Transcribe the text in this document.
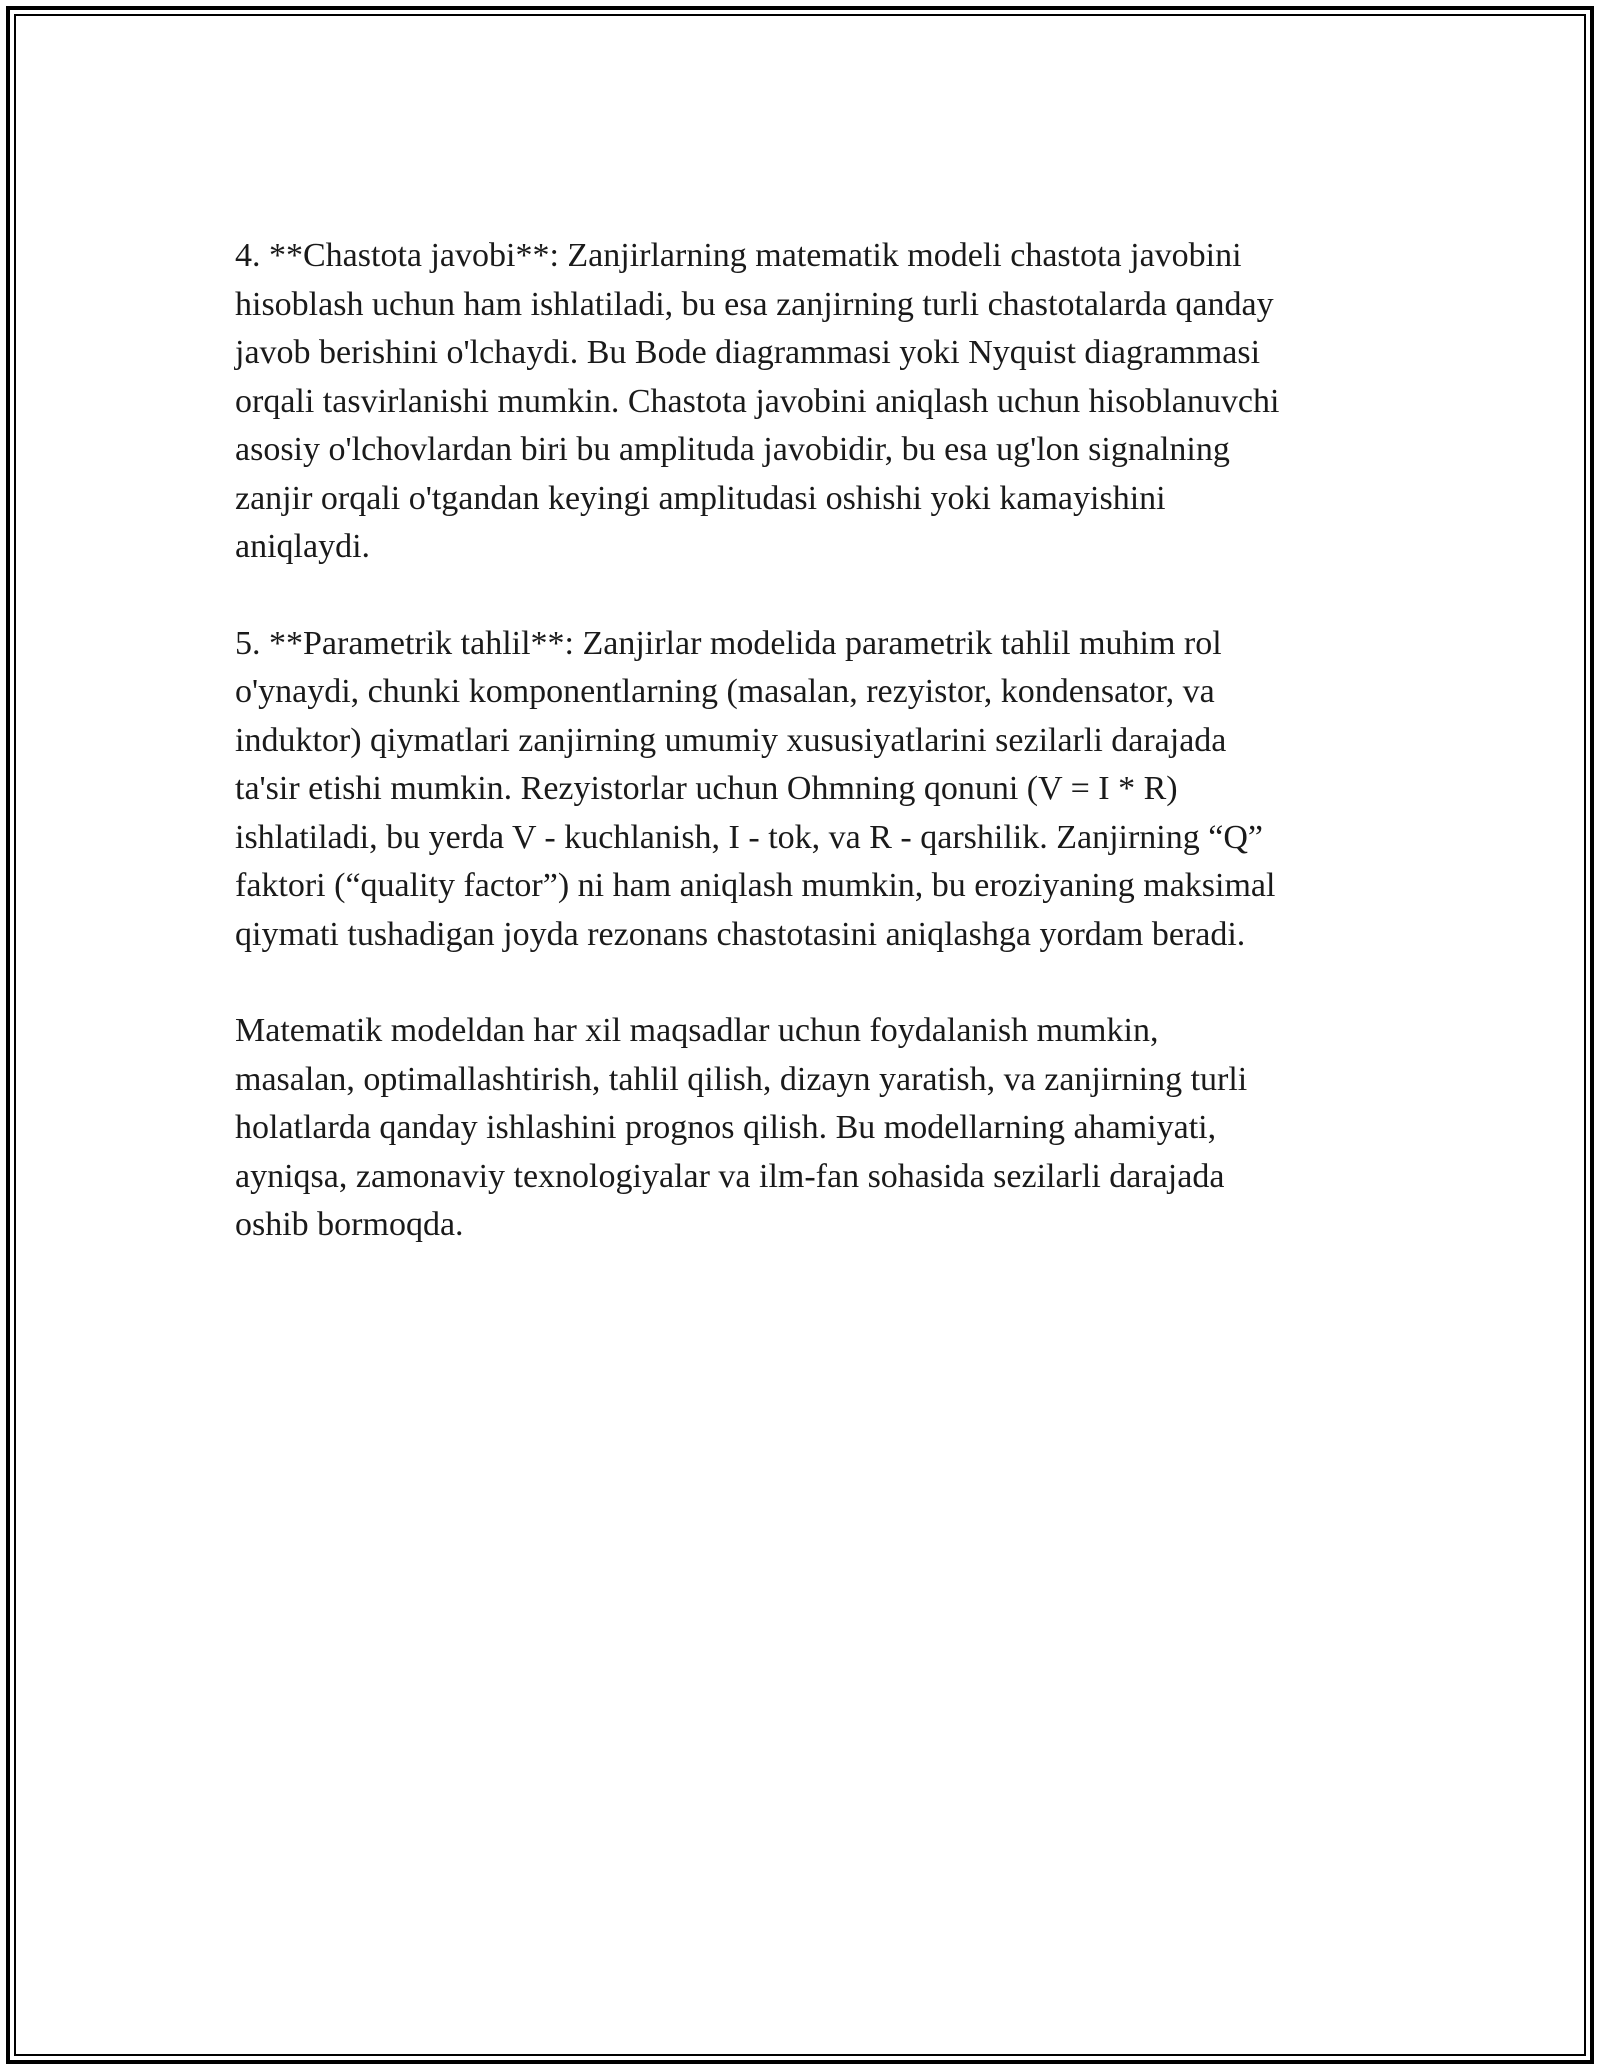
4. **Chastota javobi**: Zanjirlarning matematik modeli chastota javobini
hisoblash uchun ham ishlatiladi, bu esa zanjirning turli chastotalarda qanday
javob berishini o'lchaydi. Bu Bode diagrammasi yoki Nyquist diagrammasi
orqali tasvirlanishi mumkin. Chastota javobini aniqlash uchun hisoblanuvchi
asosiy o'lchovlardan biri bu amplituda javobidir, bu esa ug'lon signalning
zanjir orqali o'tgandan keyingi amplitudasi oshishi yoki kamayishini
aniqlaydi.

5. **Parametrik tahlil**: Zanjirlar modelida parametrik tahlil muhim rol
o'ynaydi, chunki komponentlarning (masalan, rezyistor, kondensator, va
induktor) qiymatlari zanjirning umumiy xususiyatlarini sezilarli darajada
ta'sir etishi mumkin. Rezyistorlar uchun Ohmning qonuni (V = I * R)
ishlatiladi, bu yerda V - kuchlanish, I - tok, va R - qarshilik. Zanjirning “Q”
faktori (“quality factor”) ni ham aniqlash mumkin, bu eroziyaning maksimal
qiymati tushadigan joyda rezonans chastotasini aniqlashga yordam beradi.

Matematik modeldan har xil maqsadlar uchun foydalanish mumkin,
masalan, optimallashtirish, tahlil qilish, dizayn yaratish, va zanjirning turli
holatlarda qanday ishlashini prognos qilish. Bu modellarning ahamiyati,
ayniqsa, zamonaviy texnologiyalar va ilm-fan sohasida sezilarli darajada
oshib bormoqda.
